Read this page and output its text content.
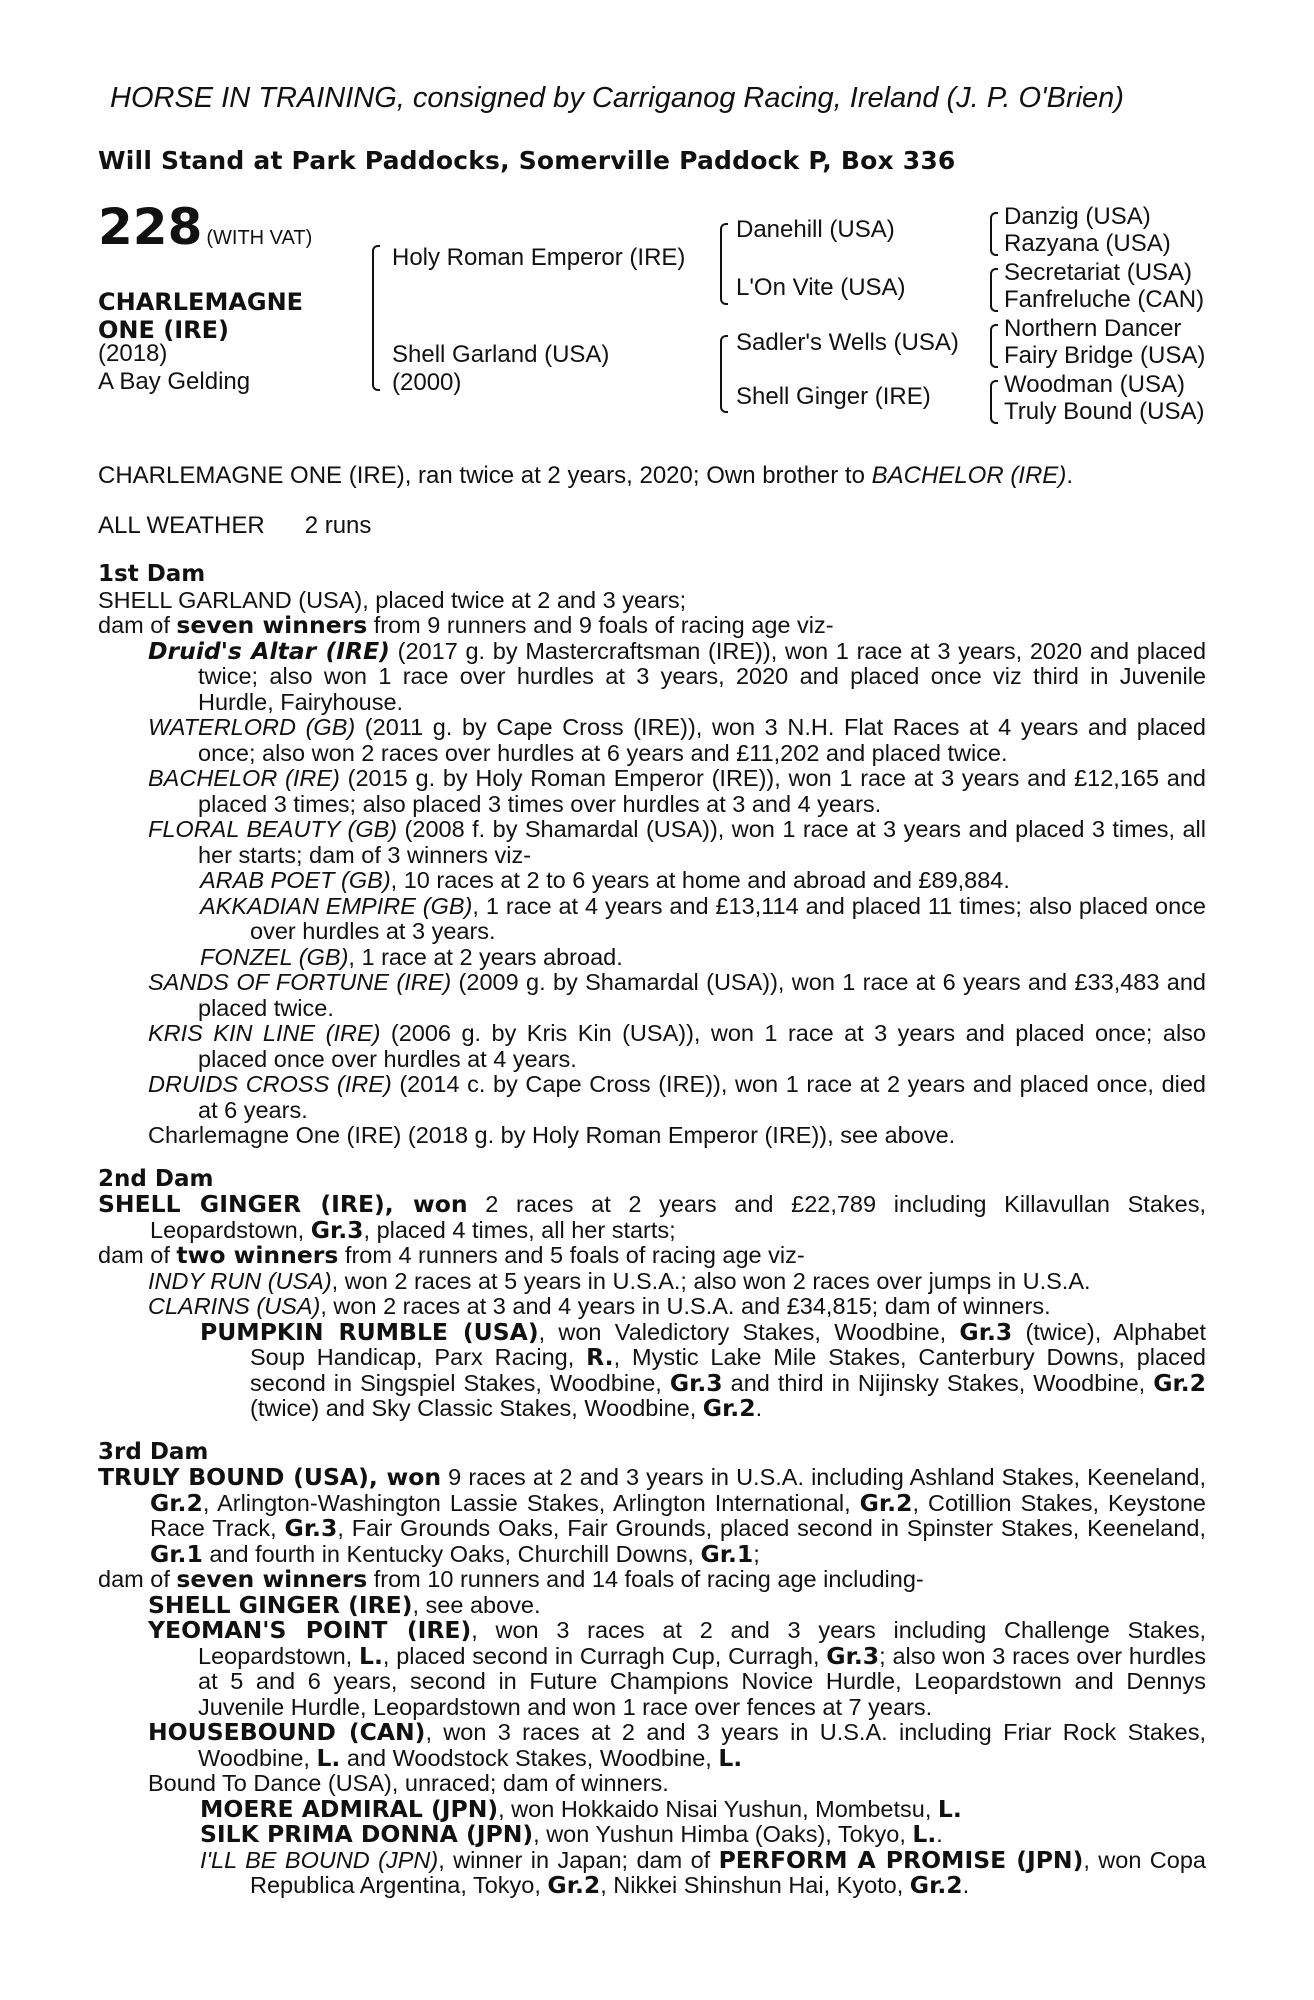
HORSE IN TRAINING, consigned by Carriganog Racing, Ireland (J. P. O'Brien)
Will Stand at Park Paddocks, Somerville Paddock P, Box 336
228 (WITH VAT)
CHARLEMAGNE
ONE (IRE)
(2018)
A Bay Gelding
Holy Roman Emperor (IRE)
Shell Garland (USA)
(2000)
Danehill (USA)
L'On Vite (USA)
Sadler's Wells (USA)
Shell Ginger (IRE)
Danzig (USA)
Razyana (USA)
Secretariat (USA)
Fanfreluche (CAN)
Northern Dancer
Fairy Bridge (USA)
Woodman (USA)
Truly Bound (USA)
CHARLEMAGNE ONE (IRE), ran twice at 2 years, 2020; Own brother to BACHELOR (IRE).
ALL WEATHER 2 runs
1st Dam
SHELL GARLAND (USA), placed twice at 2 and 3 years;
dam of seven winners from 9 runners and 9 foals of racing age viz-
Druid's Altar (IRE) (2017 g. by Mastercraftsman (IRE)), won 1 race at 3 years, 2020 and placed twice; also won 1 race over hurdles at 3 years, 2020 and placed once viz third in Juvenile Hurdle, Fairyhouse.
WATERLORD (GB) (2011 g. by Cape Cross (IRE)), won 3 N.H. Flat Races at 4 years and placed once; also won 2 races over hurdles at 6 years and £11,202 and placed twice.
BACHELOR (IRE) (2015 g. by Holy Roman Emperor (IRE)), won 1 race at 3 years and £12,165 and placed 3 times; also placed 3 times over hurdles at 3 and 4 years.
FLORAL BEAUTY (GB) (2008 f. by Shamardal (USA)), won 1 race at 3 years and placed 3 times, all her starts; dam of 3 winners viz-
ARAB POET (GB), 10 races at 2 to 6 years at home and abroad and £89,884.
AKKADIAN EMPIRE (GB), 1 race at 4 years and £13,114 and placed 11 times; also placed once over hurdles at 3 years.
FONZEL (GB), 1 race at 2 years abroad.
SANDS OF FORTUNE (IRE) (2009 g. by Shamardal (USA)), won 1 race at 6 years and £33,483 and placed twice.
KRIS KIN LINE (IRE) (2006 g. by Kris Kin (USA)), won 1 race at 3 years and placed once; also placed once over hurdles at 4 years.
DRUIDS CROSS (IRE) (2014 c. by Cape Cross (IRE)), won 1 race at 2 years and placed once, died at 6 years.
Charlemagne One (IRE) (2018 g. by Holy Roman Emperor (IRE)), see above.
2nd Dam
SHELL GINGER (IRE), won 2 races at 2 years and £22,789 including Killavullan Stakes, Leopardstown, Gr.3, placed 4 times, all her starts;
dam of two winners from 4 runners and 5 foals of racing age viz-
INDY RUN (USA), won 2 races at 5 years in U.S.A.; also won 2 races over jumps in U.S.A.
CLARINS (USA), won 2 races at 3 and 4 years in U.S.A. and £34,815; dam of winners.
PUMPKIN RUMBLE (USA), won Valedictory Stakes, Woodbine, Gr.3 (twice), Alphabet Soup Handicap, Parx Racing, R., Mystic Lake Mile Stakes, Canterbury Downs, placed second in Singspiel Stakes, Woodbine, Gr.3 and third in Nijinsky Stakes, Woodbine, Gr.2 (twice) and Sky Classic Stakes, Woodbine, Gr.2.
3rd Dam
TRULY BOUND (USA), won 9 races at 2 and 3 years in U.S.A. including Ashland Stakes, Keeneland, Gr.2, Arlington-Washington Lassie Stakes, Arlington International, Gr.2, Cotillion Stakes, Keystone Race Track, Gr.3, Fair Grounds Oaks, Fair Grounds, placed second in Spinster Stakes, Keeneland, Gr.1 and fourth in Kentucky Oaks, Churchill Downs, Gr.1;
dam of seven winners from 10 runners and 14 foals of racing age including-
SHELL GINGER (IRE), see above.
YEOMAN'S POINT (IRE), won 3 races at 2 and 3 years including Challenge Stakes, Leopardstown, L., placed second in Curragh Cup, Curragh, Gr.3; also won 3 races over hurdles at 5 and 6 years, second in Future Champions Novice Hurdle, Leopardstown and Dennys Juvenile Hurdle, Leopardstown and won 1 race over fences at 7 years.
HOUSEBOUND (CAN), won 3 races at 2 and 3 years in U.S.A. including Friar Rock Stakes, Woodbine, L. and Woodstock Stakes, Woodbine, L.
Bound To Dance (USA), unraced; dam of winners.
MOERE ADMIRAL (JPN), won Hokkaido Nisai Yushun, Mombetsu, L.
SILK PRIMA DONNA (JPN), won Yushun Himba (Oaks), Tokyo, L..
I'LL BE BOUND (JPN), winner in Japan; dam of PERFORM A PROMISE (JPN), won Copa Republica Argentina, Tokyo, Gr.2, Nikkei Shinshun Hai, Kyoto, Gr.2.
